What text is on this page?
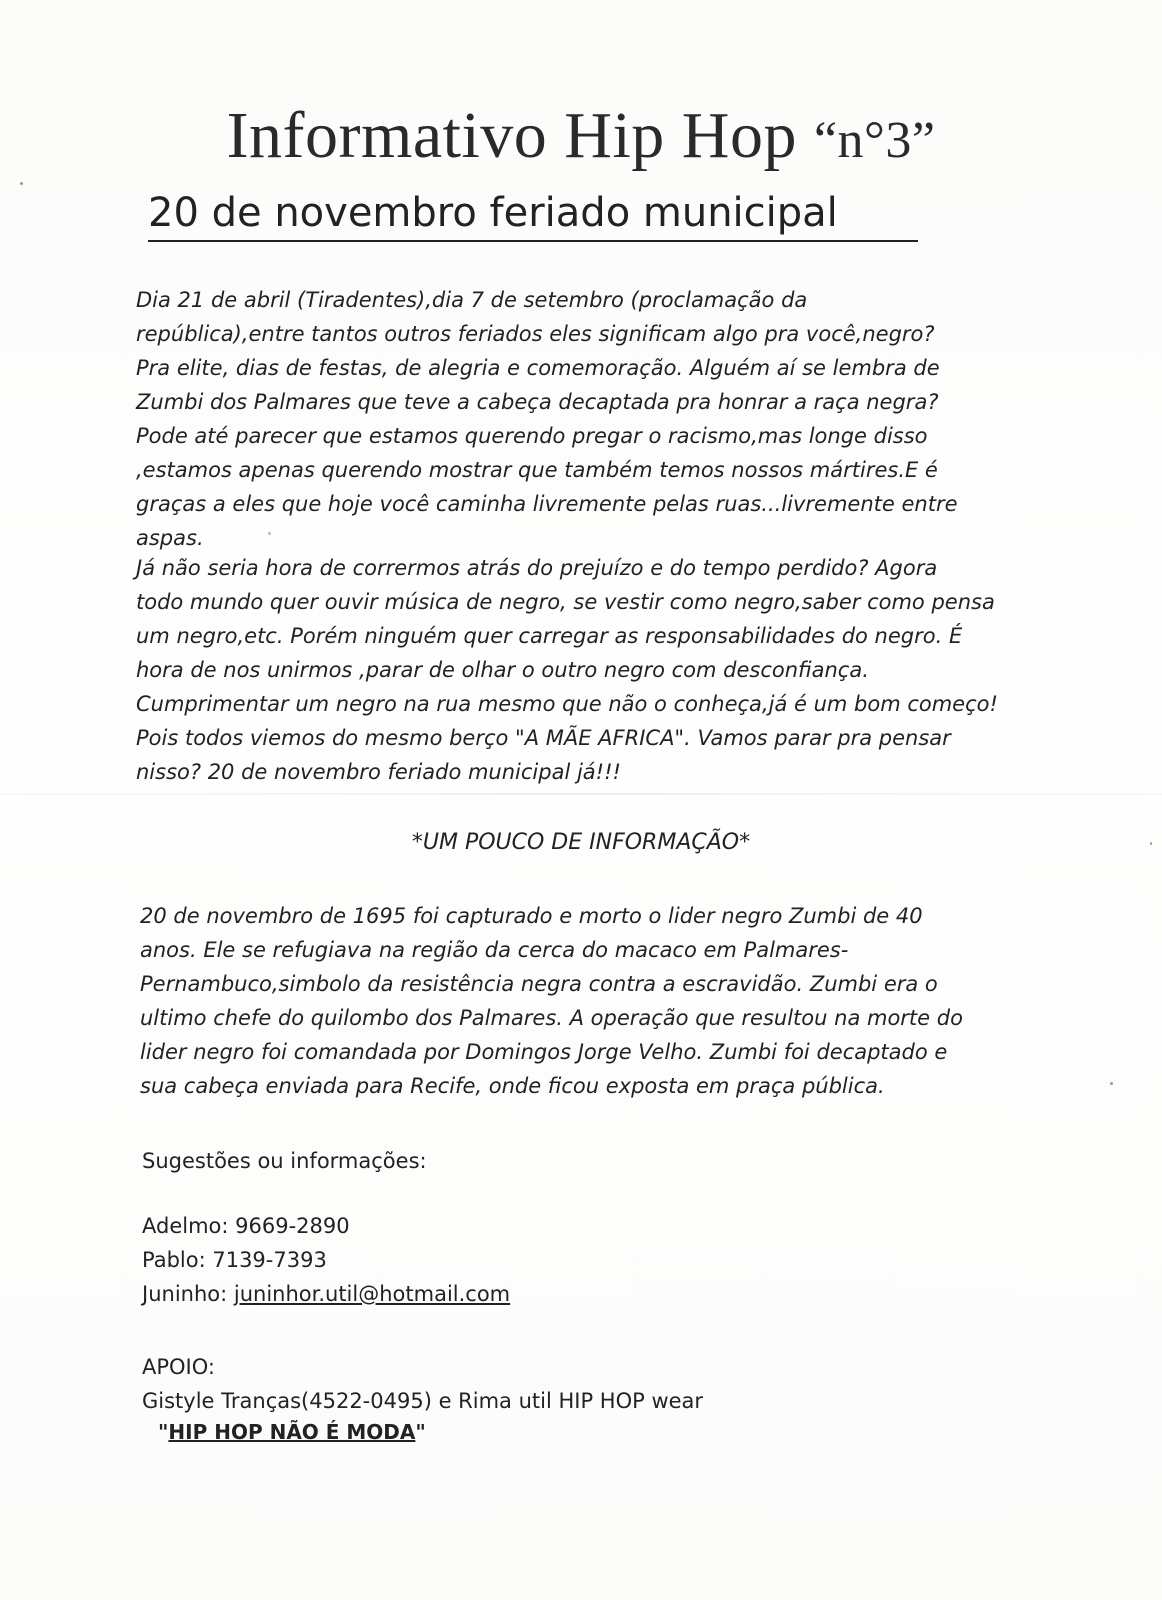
Informativo Hip Hop “n°3”
20 de novembro feriado municipal

Dia 21 de abril (Tiradentes),dia 7 de setembro (proclamação da

república),entre tantos outros feriados eles significam algo pra você,negro?

Pra elite, dias de festas, de alegria e comemoração. Alguém aí se lembra de

Zumbi dos Palmares que teve a cabeça decaptada pra honrar a raça negra?

Pode até parecer que estamos querendo pregar o racismo,mas longe disso

,estamos apenas querendo mostrar que também temos nossos mártires.E é

graças a eles que hoje você caminha livremente pelas ruas...livremente entre

aspas.

Já não seria hora de corrermos atrás do prejuízo e do tempo perdido? Agora

todo mundo quer ouvir música de negro, se vestir como negro,saber como pensa

um negro,etc. Porém ninguém quer carregar as responsabilidades do negro. É

hora de nos unirmos ,parar de olhar o outro negro com desconfiança.

Cumprimentar um negro na rua mesmo que não o conheça,já é um bom começo!

Pois todos viemos do mesmo berço "A MÃE AFRICA". Vamos parar pra pensar

nisso? 20 de novembro feriado municipal já!!!

*UM POUCO DE INFORMAÇÃO*

20 de novembro de 1695 foi capturado e morto o lider negro Zumbi de 40

anos. Ele se refugiava na região da cerca do macaco em Palmares-

Pernambuco,simbolo da resistência negra contra a escravidão. Zumbi era o

ultimo chefe do quilombo dos Palmares. A operação que resultou na morte do

lider negro foi comandada por Domingos Jorge Velho. Zumbi foi decaptado e

sua cabeça enviada para Recife, onde ficou exposta em praça pública.

Sugestões ou informações:

Adelmo: 9669-2890
Pablo: 7139-7393
Juninho: juninhor.util@hotmail.com
APOIO:
Gistyle Tranças(4522-0495) e Rima util HIP HOP wear

"HIP HOP NÃO É MODA"
